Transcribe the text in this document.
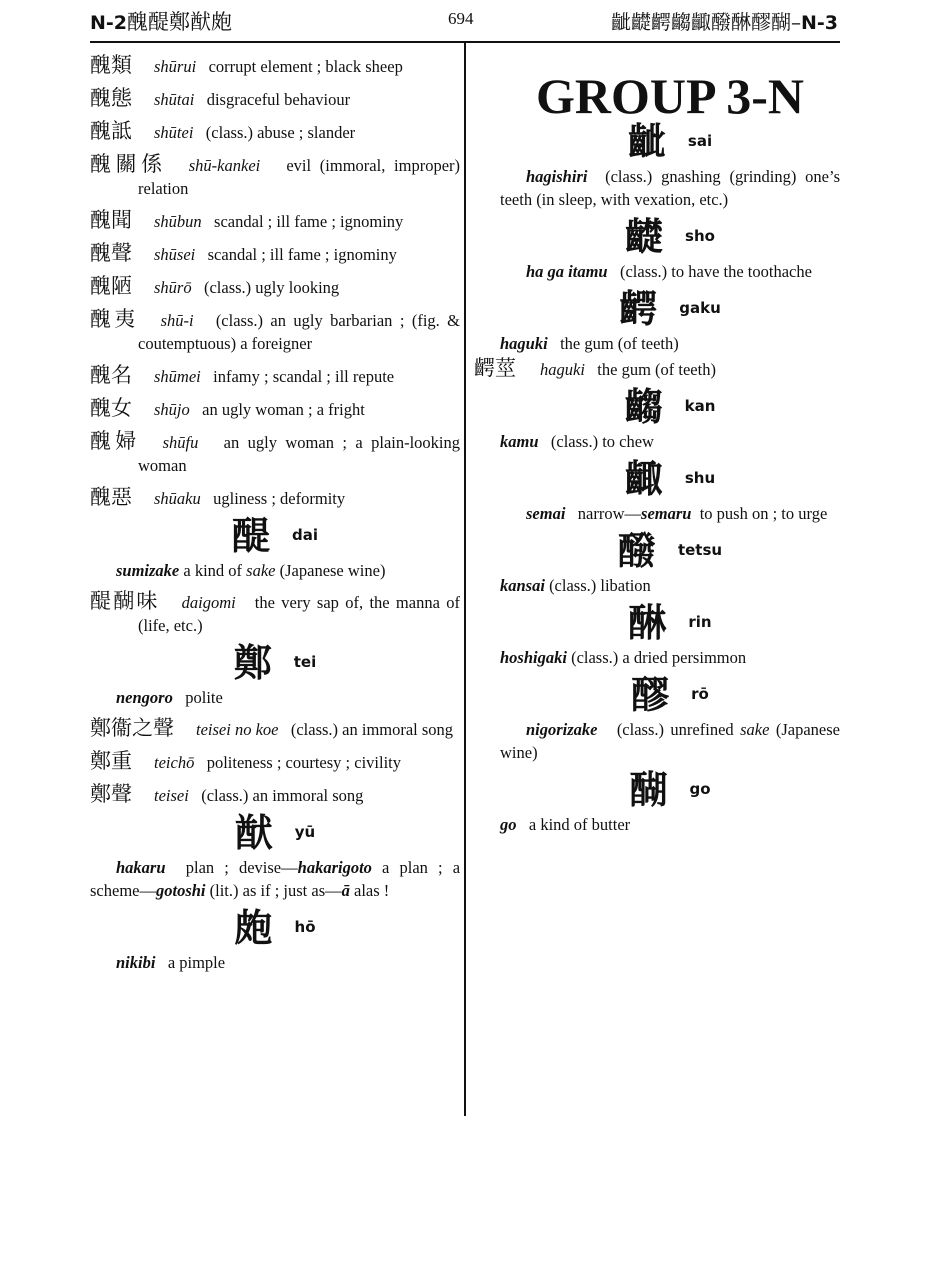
N-2醜醍鄭猷皰	694	齜齼齶齺齱醱醂醪醐–N-3
醜類 shūrui corrupt element ; black sheep
醜態 shūtai disgraceful behaviour
醜詆 shūtei (class.) abuse ; slander
醜關係 shū-kankei evil (immoral, improper) relation
醜聞 shūbun scandal ; ill fame ; ignominy
醜聲 shūsei scandal ; ill fame ; ignominy
醜陋 shūrō (class.) ugly looking
醜夷 shū-i (class.) an ugly barbarian ; (fig. & coutemptuous) a foreigner
醜名 shūmei infamy ; scandal ; ill repute
醜女 shūjo an ugly woman ; a fright
醜婦 shūfu an ugly woman ; a plain-looking woman
醜惡 shūaku ugliness ; deformity
醍 dai
sumizake a kind of sake (Japanese wine)
醍醐味 daigomi the very sap of, the manna of (life, etc.)
鄭 tei
nengoro polite
鄭衞之聲 teisei no koe (class.) an immoral song
鄭重 teichō politeness ; courtesy ; civility
鄭聲 teisei (class.) an immoral song
猷 yū
hakaru plan ; devise—hakarigoto a plan ; a scheme—gotoshi (lit.) as if ; just as—ā alas !
皰 hō
nikibi a pimple
GROUP 3-N
齜 sai
hagishiri (class.) gnashing (grinding) one’s teeth (in sleep, with vexation, etc.)
齼 sho
ha ga itamu (class.) to have the toothache
齶 gaku
haguki the gum (of teeth)
齶莖	haguki
the gum (of teeth)
齺 kan
kamu (class.) to chew
齱 shu
semai narrow—semaru to push on ; to urge
醱 tetsu
kansai (class.) libation
醂 rin
hoshigaki (class.) a dried persimmon
醪 rō
nigorizake (class.) unrefined sake (Japanese wine)
醐 go
go a kind of butter
